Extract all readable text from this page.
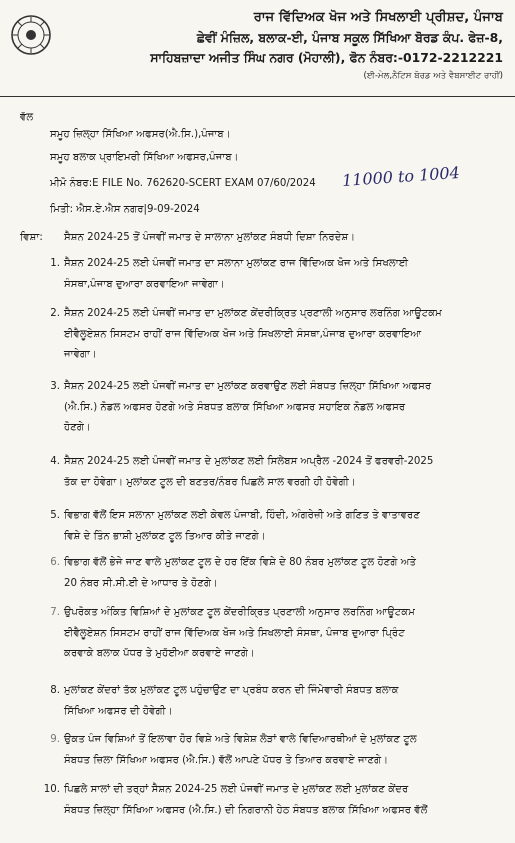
ਰਾਜ ਵਿੱਦਿਅਕ ਖੋਜ ਅਤੇ ਸਿਖਲਾਈ ਪ੍ਰੀਸ਼ਦ, ਪੰਜਾਬ
ਛੇਵੀਂ ਮੰਜ਼ਿਲ, ਬਲਾਕ-ਈ, ਪੰਜਾਬ ਸਕੂਲ ਸਿੱਖਿਆ ਬੋਰਡ ਕੰਪ. ਫੇਜ਼-8,
ਸਾਹਿਬਜ਼ਾਦਾ ਅਜੀਤ ਸਿੰਘ ਨਗਰ (ਮੋਹਾਲੀ), ਫੋਨ ਨੰਬਰ:-0172-2212221
(ਈ-ਮੇਲ,ਨੈਟਿਸ ਬੋਰਡ ਅਤੇ ਵੈਬਸਾਈਟ ਰਾਹੀਂ)
ਵੱਲ
ਸਮੂਹ ਜ਼ਿਲ੍ਹਾ ਸਿੱਖਿਆ ਅਫਸਰ(ਐ.ਸਿ.),ਪੰਜਾਬ।
ਸਮੂਹ ਬਲਾਕ ਪ੍ਰਾਇਮਰੀ ਸਿੱਖਿਆ ਅਫਸਰ,ਪੰਜਾਬ।
ਮੀਮੋ ਨੰਬਰ:E FILE No. 762620-SCERT EXAM 07/60/2024 11000 to 1004
ਮਿਤੀ: ਐਸ.ਏ.ਐਸ ਨਗਰ|9-09-2024
ਵਿਸ਼ਾ: ਸੈਸ਼ਨ 2024-25 ਤੋਂ ਪੰਜਵੀਂ ਜਮਾਤ ਦੇ ਸਾਲਾਨਾ ਮੁਲਾਂਕਣ ਸੰਬਧੀ ਦਿਸ਼ਾ ਨਿਰਦੇਸ਼।
1. ਸੈਸ਼ਨ 2024-25 ਲਈ ਪੰਜਵੀਂ ਜਮਾਤ ਦਾ ਸਲਾਨਾ ਮੁਲਾਂਕਣ ਰਾਜ ਵਿੱਦਿਅਕ ਖੋਜ ਅਤੇ ਸਿਖਲਾਈ
ਸੰਸਥਾ,ਪੰਜਾਬ ਦੁਆਰਾ ਕਰਵਾਇਆ ਜਾਵੇਗਾ।
2. ਸੈਸ਼ਨ 2024-25 ਲਈ ਪੰਜਵੀਂ ਜਮਾਤ ਦਾ ਮੁਲਾਂਕਣ ਕੇਂਦਰੀਕ੍ਰਿਤ ਪ੍ਰਣਾਲੀ ਅਨੁਸਾਰ ਲਰਨਿੰਗ ਆਊਟਕਮ
ਈਵੈਲੂਏਸ਼ਨ ਸਿਸਟਮ ਰਾਹੀਂ ਰਾਜ ਵਿੱਦਿਅਕ ਖੋਜ ਅਤੇ ਸਿਖਲਾਈ ਸੰਸਥਾ,ਪੰਜਾਬ ਦੁਆਰਾ ਕਰਵਾਇਆ
ਜਾਵੇਗਾ।
3. ਸੈਸ਼ਨ 2024-25 ਲਈ ਪੰਜਵੀਂ ਜਮਾਤ ਦਾ ਮੁਲਾਂਕਣ ਕਰਵਾਉਣ ਲਈ ਸੰਬਧਤ ਜ਼ਿਲ੍ਹਾ ਸਿੱਖਿਆ ਅਫਸਰ
(ਐ.ਸਿ.) ਨੋਡਲ ਅਫਸਰ ਹੋਣਗੇ ਅਤੇ ਸੰਬਧਤ ਬਲਾਕ ਸਿੱਖਿਆ ਅਫਸਰ ਸਹਾਇਕ ਨੋਡਲ ਅਫਸਰ
ਹੋਣਗੇ।
4. ਸੈਸ਼ਨ 2024-25 ਲਈ ਪੰਜਵੀਂ ਜਮਾਤ ਦੇ ਮੁਲਾਂਕਣ ਲਈ ਸਿਲੇਬਸ ਅਪ੍ਰੈਲ -2024 ਤੋਂ ਫਰਵਰੀ-2025
ਤੱਕ ਦਾ ਹੋਵੇਗਾ। ਮੁਲਾਂਕਣ ਟੂਲ ਦੀ ਬਣਤਰ/ਨੰਬਰ ਪਿਛਲੇ ਸਾਲ ਵਰਗੀ ਹੀ ਹੋਵੇਗੀ।
5. ਵਿਭਾਗ ਵੱਲੋਂ ਇਸ ਸਲਾਨਾ ਮੁਲਾਂਕਣ ਲਈ ਕੇਵਲ ਪੰਜਾਬੀ, ਹਿੰਦੀ, ਅੰਗਰੇਜ਼ੀ ਅਤੇ ਗਣਿਤ ਤੇ ਵਾਤਾਵਰਣ
ਵਿਸ਼ੇ ਦੇ ਤਿੰਨ ਭਾਸ਼ੀ ਮੁਲਾਂਕਣ ਟੂਲ ਤਿਆਰ ਕੀਤੇ ਜਾਣਗੇ।
6. ਵਿਭਾਗ ਵੱਲੋਂ ਭੇਜੇ ਜਾਣ ਵਾਲੇ ਮੁਲਾਂਕਣ ਟੂਲ ਦੇ ਹਰ ਇੱਕ ਵਿਸ਼ੇ ਦੇ 80 ਨੰਬਰ ਮੁਲਾਂਕਣ ਟੂਲ ਹੋਣਗੇ ਅਤੇ
20 ਨੰਬਰ ਸੀ.ਸੀ.ਈ ਦੇ ਆਧਾਰ ਤੇ ਹੋਣਗੇ।
7. ਉਪਰੋਕਤ ਅੰਕਿਤ ਵਿਸ਼ਿਆਂ ਦੇ ਮੁਲਾਂਕਣ ਟੂਲ ਕੇਂਦਰੀਕ੍ਰਿਤ ਪ੍ਰਣਾਲੀ ਅਨੁਸਾਰ ਲਰਨਿੰਗ ਆਊਟਕਮ
ਈਵੈਲੂਏਸ਼ਨ ਸਿਸਟਮ ਰਾਹੀਂ ਰਾਜ ਵਿੱਦਿਅਕ ਖੋਜ ਅਤੇ ਸਿਖਲਾਈ ਸੰਸਥਾ, ਪੰਜਾਬ ਦੁਆਰਾ ਪ੍ਰਿੰਟ
ਕਰਵਾਕੇ ਬਲਾਕ ਪੱਧਰ ਤੇ ਮੁਹੱਈਆ ਕਰਵਾਏ ਜਾਣਗੇ।
8. ਮੁਲਾਂਕਣ ਕੇਂਦਰਾਂ ਤੱਕ ਮੁਲਾਂਕਣ ਟੂਲ ਪਹੁੰਚਾਉਣ ਦਾ ਪ੍ਰਬੰਧ ਕਰਨ ਦੀ ਜਿੰਮੇਵਾਰੀ ਸੰਬਧਤ ਬਲਾਕ
ਸਿੱਖਿਆ ਅਫਸਰ ਦੀ ਹੋਵੇਗੀ।
9. ਉਕਤ ਪੰਜ ਵਿਸ਼ਿਆਂ ਤੋਂ ਇਲਾਵਾ ਹੋਰ ਵਿਸ਼ੇ ਅਤੇ ਵਿਸ਼ੇਸ਼ ਲੋੜਾਂ ਵਾਲੇ ਵਿਦਿਆਰਥੀਆਂ ਦੇ ਮੁਲਾਂਕਣ ਟੂਲ
ਸੰਬਧਤ ਜ਼ਿਲਾ ਸਿੱਖਿਆ ਅਫਸਰ (ਐ.ਸਿ.) ਵੱਲੋਂ ਆਪਣੇ ਪੱਧਰ ਤੇ ਤਿਆਰ ਕਰਵਾਏ ਜਾਣਗੇ।
10. ਪਿਛਲੇ ਸਾਲਾਂ ਦੀ ਤਰ੍ਹਾਂ ਸੈਸ਼ਨ 2024-25 ਲਈ ਪੰਜਵੀਂ ਜਮਾਤ ਦੇ ਮੁਲਾਂਕਣ ਲਈ ਮੁਲਾਂਕਣ ਕੇਂਦਰ
ਸੰਬਧਤ ਜ਼ਿਲ੍ਹਾ ਸਿੱਖਿਆ ਅਫਸਰ (ਐ.ਸਿ.) ਦੀ ਨਿਗਰਾਨੀ ਹੇਠ ਸੰਬਧਤ ਬਲਾਕ ਸਿੱਖਿਆ ਅਫਸਰ ਵੱਲੋਂ
